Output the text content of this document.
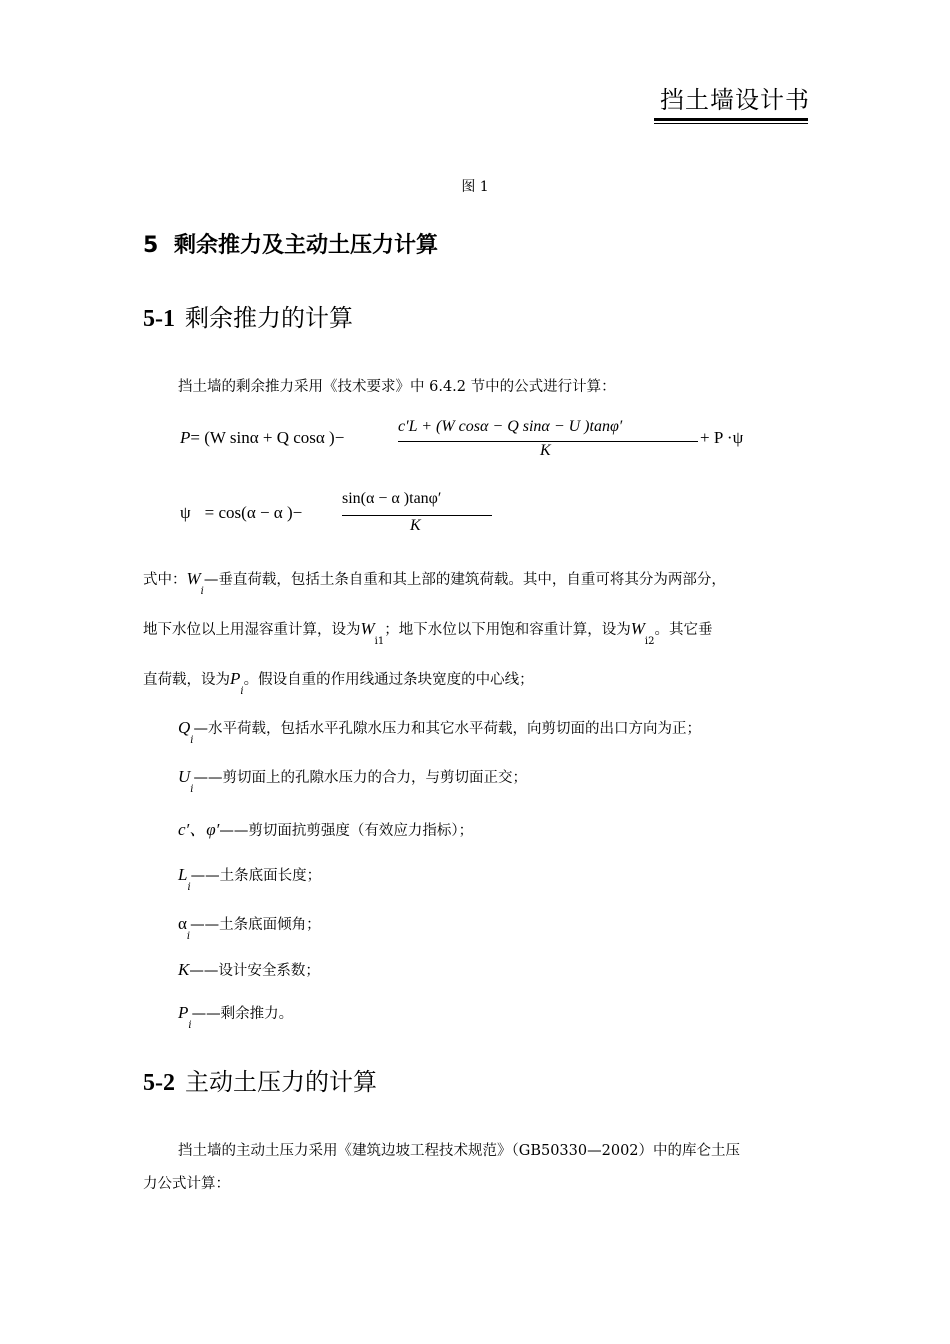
挡土墙设计书
图 1
5 剩余推力及主动土压力计算
5-1 剩余推力的计算
挡土墙的剩余推力采用《技术要求》中 6.4.2 节中的公式进行计算：
P= (W sinα + Q cosα )−
c′L + (W cosα − Q sinα − U )tanφ′
K
+ P ·ψ
ψ = cos(α − α )−
sin(α − α )tanφ′
K
式中：$W_i—$垂直荷载，包括土条自重和其上部的建筑荷载。其中，自重可将其分为两部分，
地下水位以上用湿容重计算，设为$W_{i1}$；地下水位以下用饱和容重计算，设为$W_{i2}$。其它垂
直荷载，设为$P_i$。假设自重的作用线通过条块宽度的中心线；
$Q_i—$水平荷载，包括水平孔隙水压力和其它水平荷载，向剪切面的出口方向为正；
$U_i——$剪切面上的孔隙水压力的合力，与剪切面正交；
c′、φ′——剪切面抗剪强度（有效应力指标）；
$L_i——$土条底面长度；
$\alpha_i——$土条底面倾角；
K——设计安全系数；
$P_i——$剩余推力。
5-2 主动土压力的计算
挡土墙的主动土压力采用《建筑边坡工程技术规范》（GB50330—2002）中的库仑土压
力公式计算：
